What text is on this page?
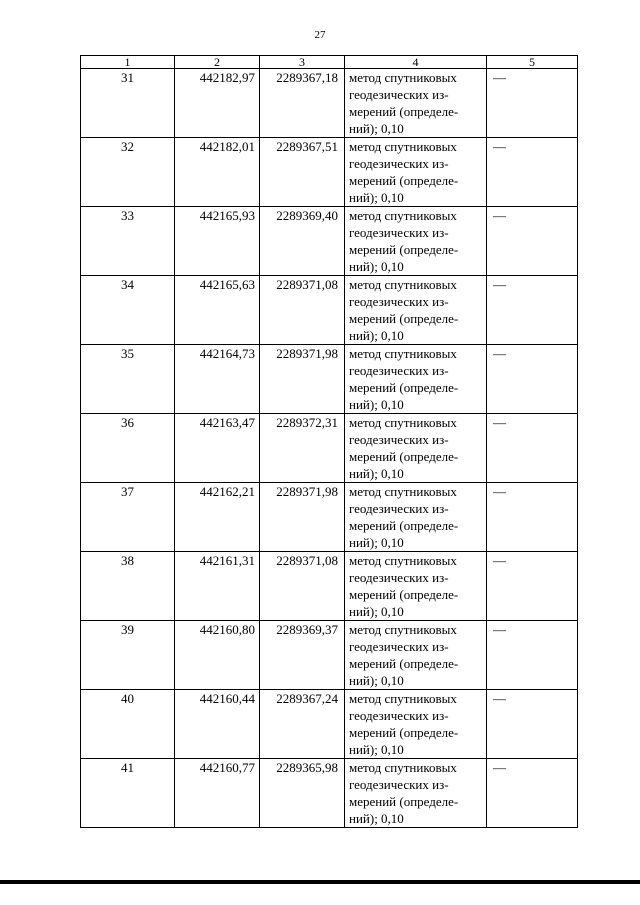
27
1	2	3	4	5
31	442182,97	2289367,18	метод спутниковых
геодезических из-
мерений (определе-
ний); 0,10	—
32	442182,01	2289367,51	метод спутниковых
геодезических из-
мерений (определе-
ний); 0,10	—
33	442165,93	2289369,40	метод спутниковых
геодезических из-
мерений (определе-
ний); 0,10	—
34	442165,63	2289371,08	метод спутниковых
геодезических из-
мерений (определе-
ний); 0,10	—
35	442164,73	2289371,98	метод спутниковых
геодезических из-
мерений (определе-
ний); 0,10	—
36	442163,47	2289372,31	метод спутниковых
геодезических из-
мерений (определе-
ний); 0,10	—
37	442162,21	2289371,98	метод спутниковых
геодезических из-
мерений (определе-
ний); 0,10	—
38	442161,31	2289371,08	метод спутниковых
геодезических из-
мерений (определе-
ний); 0,10	—
39	442160,80	2289369,37	метод спутниковых
геодезических из-
мерений (определе-
ний); 0,10	—
40	442160,44	2289367,24	метод спутниковых
геодезических из-
мерений (определе-
ний); 0,10	—
41	442160,77	2289365,98	метод спутниковых
геодезических из-
мерений (определе-
ний); 0,10	—
